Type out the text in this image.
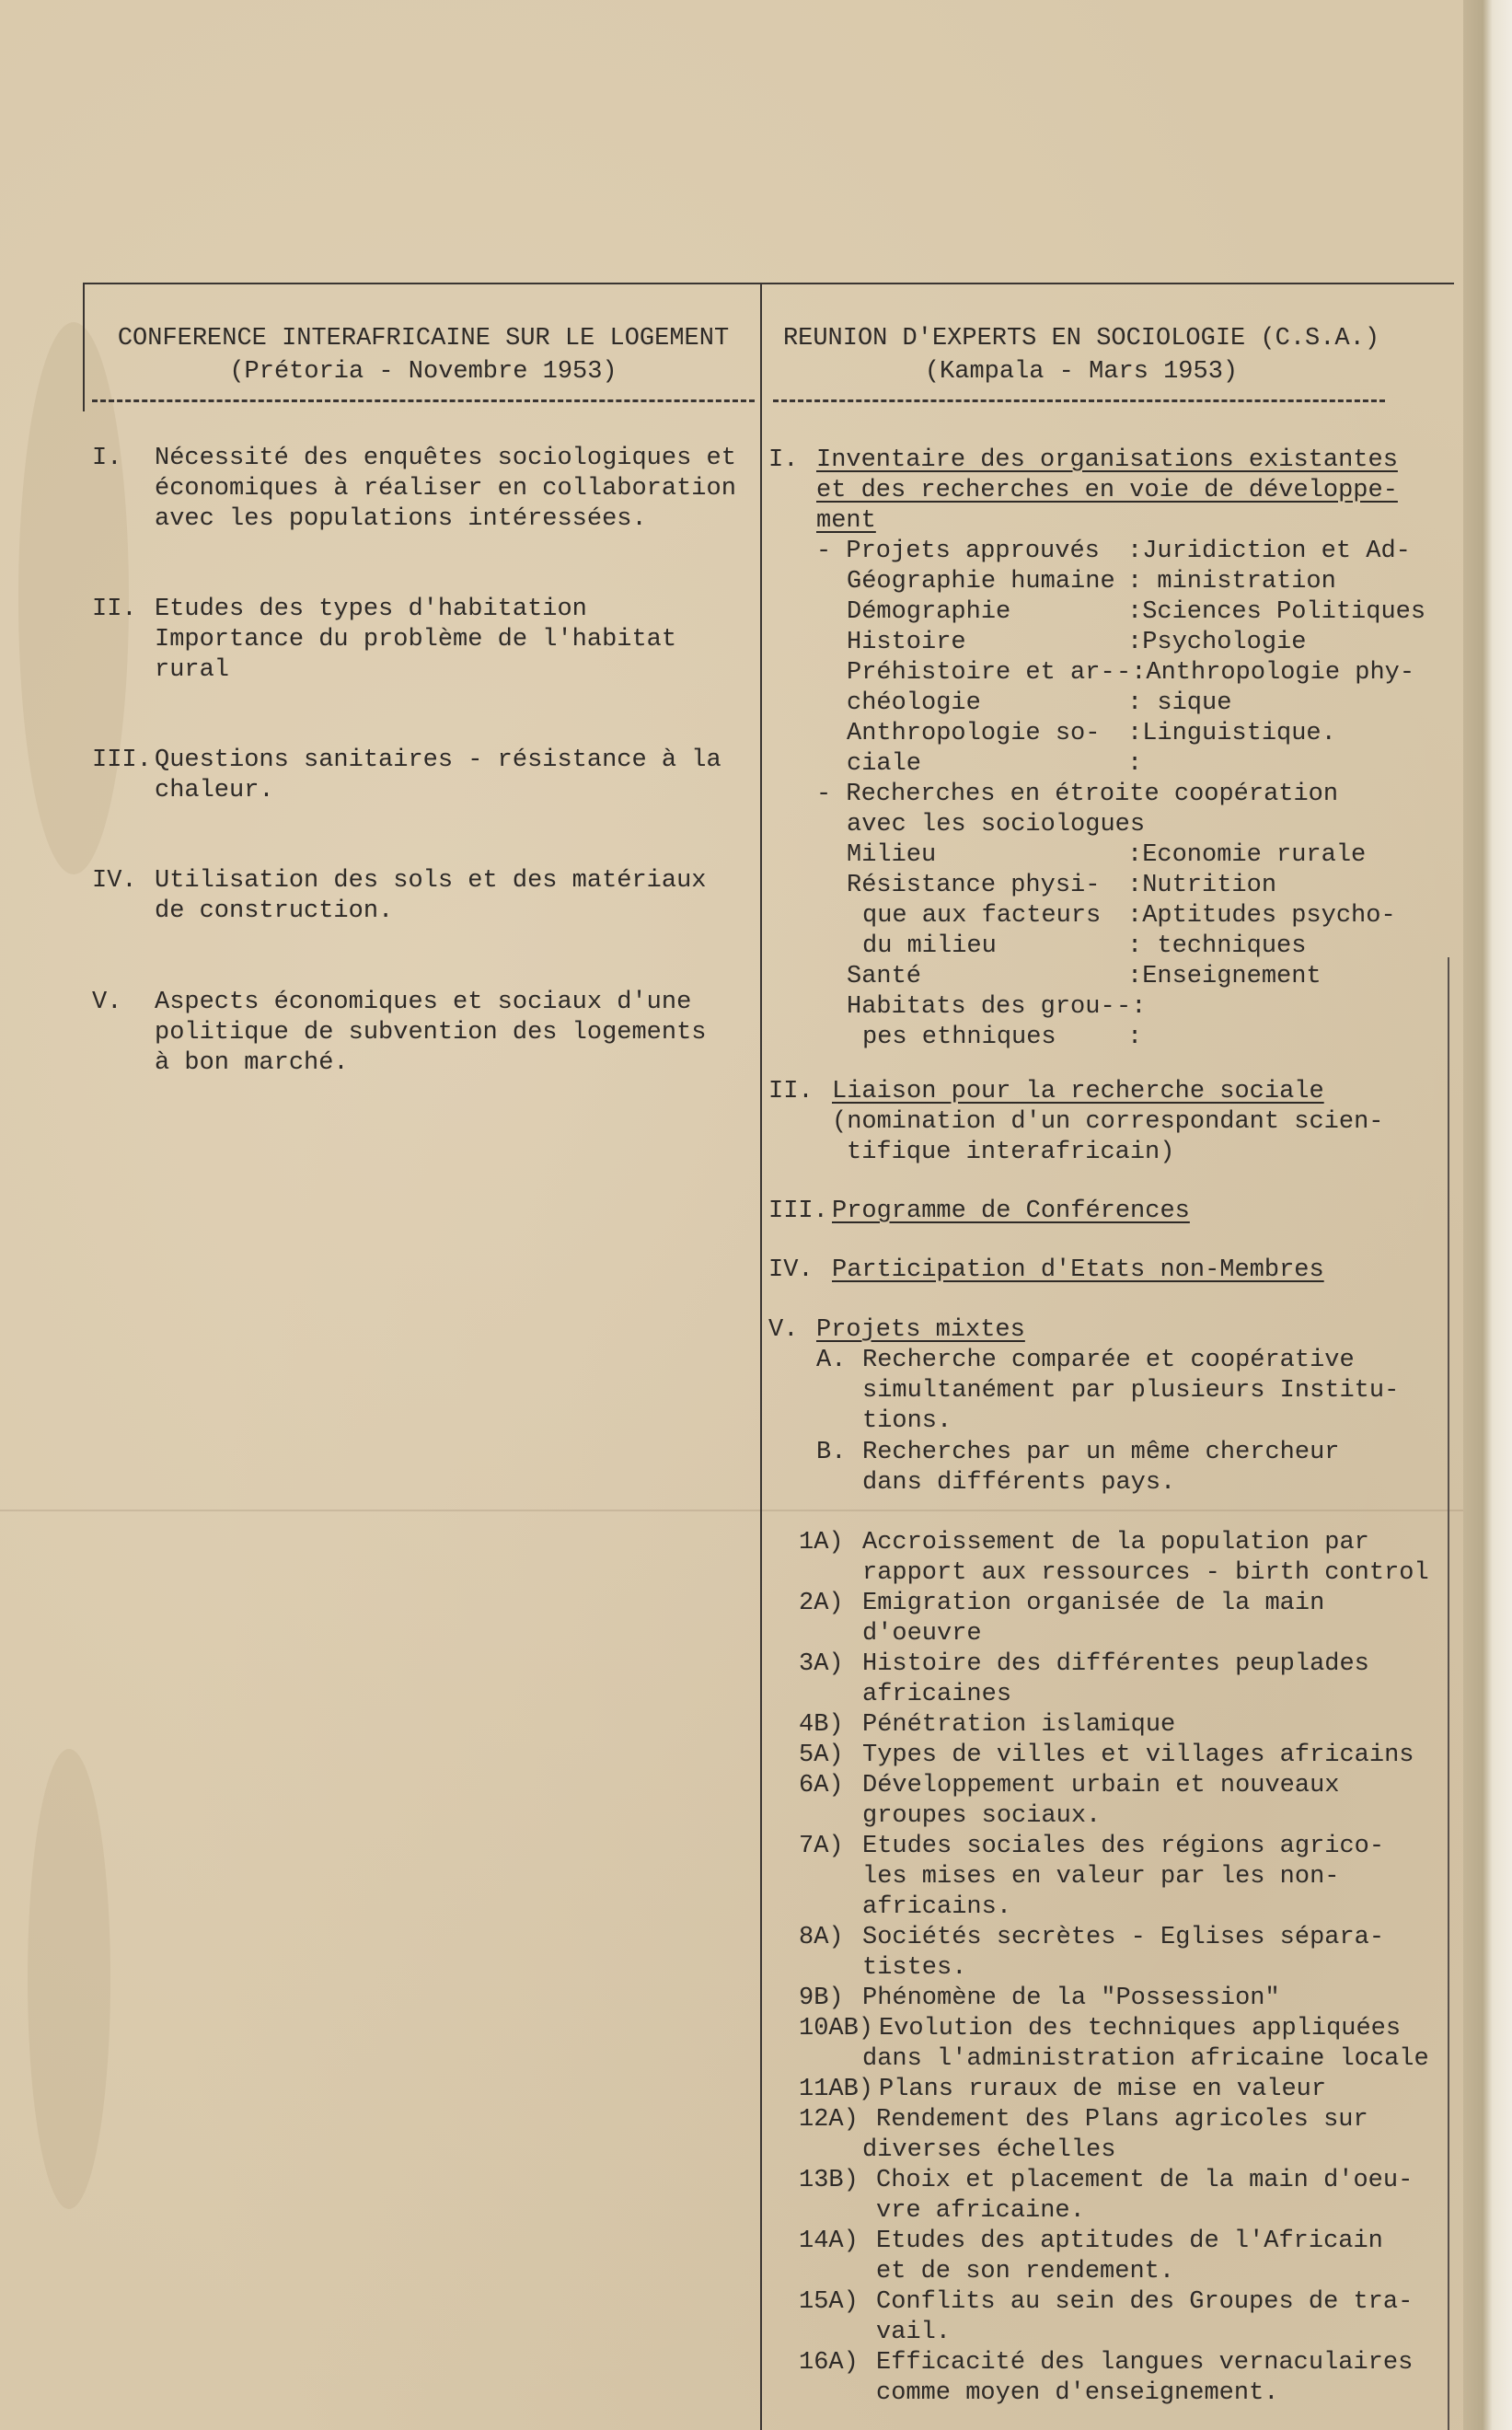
CONFERENCE INTERAFRICAINE SUR LE LOGEMENT
(Prétoria - Novembre 1953)
REUNION D'EXPERTS EN SOCIOLOGIE (C.S.A.)
(Kampala - Mars 1953)
I. Nécessité des enquêtes sociologiques et
économiques à réaliser en collaboration
avec les populations intéressées.
II. Etudes des types d'habitation
Importance du problème de l'habitat
rural
III. Questions sanitaires - résistance à la
chaleur.
IV. Utilisation des sols et des matériaux
de construction.
V. Aspects économiques et sociaux d'une
politique de subvention des logements
à bon marché.
I. Inventaire des organisations existantes
et des recherches en voie de développe-
ment
- Projets approuvés :Juridiction et Ad-
Géographie humaine : ministration
Démographie	:Sciences Politiques
Histoire	:Psychologie
Préhistoire et ar- -:Anthropologie phy-
chéologie	: sique
Anthropologie so- :Linguistique.
ciale	:
- Recherches en étroite coopération
avec les sociologues
Milieu	:Economie rurale
Résistance physi- :Nutrition
que aux facteurs :Aptitudes psycho-
du milieu	: techniques
Santé	:Enseignement
Habitats des grou- -:
pes ethniques	:
II. Liaison pour la recherche sociale
(nomination d'un correspondant scien-
tifique interafricain)
III. Programme de Conférences
IV. Participation d'Etats non-Membres
V. Projets mixtes
A. Recherche comparée et coopérative
simultanément par plusieurs Institu-
tions.
B. Recherches par un même chercheur
dans différents pays.
1A) Accroissement de la population par
rapport aux ressources - birth control
2A) Emigration organisée de la main
d'oeuvre
3A) Histoire des différentes peuplades
africaines
4B) Pénétration islamique
5A) Types de villes et villages africains
6A) Développement urbain et nouveaux
groupes sociaux.
7A) Etudes sociales des régions agrico-
les mises en valeur par les non-
africains.
8A) Sociétés secrètes - Eglises sépara-
tistes.
9B) Phénomène de la "Possession"
10AB) Evolution des techniques appliquées
dans l'administration africaine locale
11AB) Plans ruraux de mise en valeur
12A) Rendement des Plans agricoles sur
diverses échelles
13B) Choix et placement de la main d'oeu-
vre africaine.
14A) Etudes des aptitudes de l'Africain
et de son rendement.
15A) Conflits au sein des Groupes de tra-
vail.
16A) Efficacité des langues vernaculaires
comme moyen d'enseignement.
